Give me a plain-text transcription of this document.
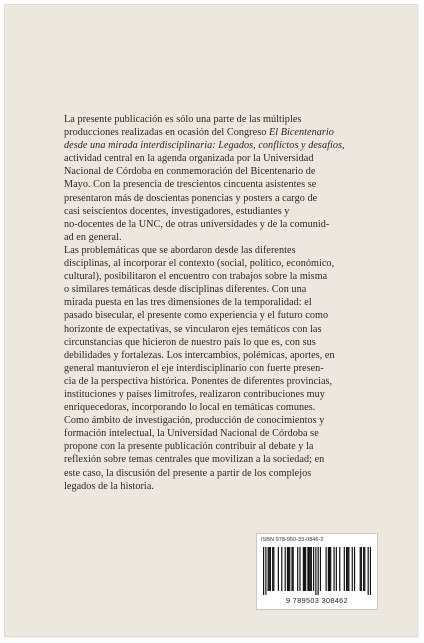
La presente publicación es sólo una parte de las múltiples
producciones realizadas en ocasión del Congreso El Bicentenario
desde una mirada interdisciplinaria: Legados, conflictos y desafíos,
actividad central en la agenda organizada por la Universidad
Nacional de Córdoba en conmemoración del Bicentenario de
Mayo. Con la presencia de trescientos cincuenta asistentes se
presentaron más de doscientas ponencias y posters a cargo de
casi seiscientos docentes, investigadores, estudiantes y
no-docentes de la UNC, de otras universidades y de la comunid-
ad en general.
Las problemáticas que se abordaron desde las diferentes
disciplinas, al incorporar el contexto (social, político, económico,
cultural), posibilitaron el encuentro con trabajos sobre la misma
o similares temáticas desde disciplinas diferentes. Con una
mirada puesta en las tres dimensiones de la temporalidad: el
pasado bisecular, el presente como experiencia y el futuro como
horizonte de expectativas, se vincularon ejes temáticos con las
circunstancias que hicieron de nuestro país lo que es, con sus
debilidades y fortalezas. Los intercambios, polémicas, aportes, en
general mantuvieron el eje interdisciplinario con fuerte presen-
cia de la perspectiva histórica. Ponentes de diferentes provincias,
instituciones y países limítrofes, realizaron contribuciones muy
enriquecedoras, incorporando lo local en temáticas comunes.
Como ámbito de investigación, producción de conocimientos y
formación intelectual, la Universidad Nacional de Córdoba se
propone con la presente publicación contribuir al debate y la
reflexión sobre temas centrales que movilizan a la sociedad; en
este caso, la discusión del presente a partir de los complejos
legados de la historia.
ISBN 978-950-33-0846-2
9 789503 308462
